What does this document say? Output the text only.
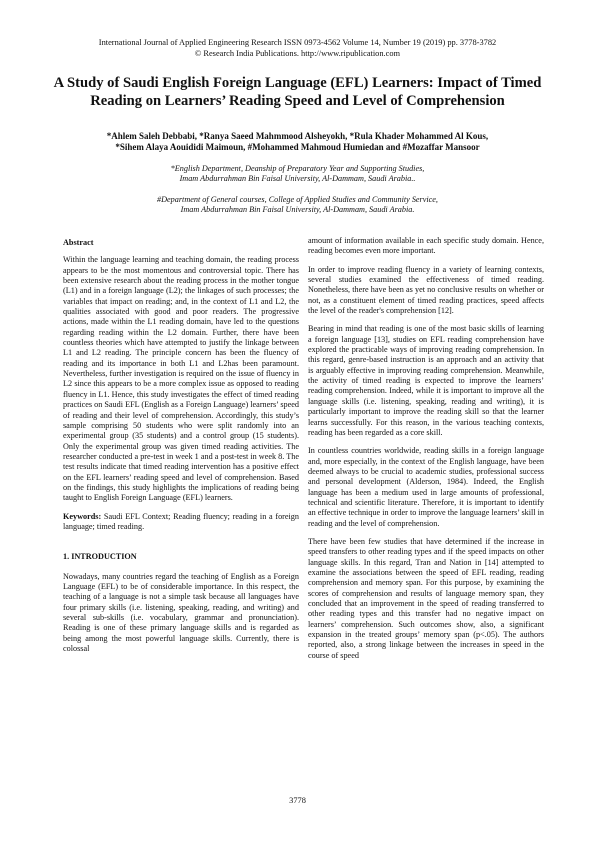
International Journal of Applied Engineering Research ISSN 0973-4562 Volume 14, Number 19 (2019) pp. 3778-3782
© Research India Publications. http://www.ripublication.com
A Study of Saudi English Foreign Language (EFL) Learners: Impact of Timed Reading on Learners’ Reading Speed and Level of Comprehension
*Ahlem Saleh Debbabi, *Ranya Saeed Mahmmood Alsheyokh, *Rula Khader Mohammed Al Kous,
*Sihem Alaya Aouididi Maimoun, #Mohammed Mahmoud Humiedan and #Mozaffar Mansoor
*English Department, Deanship of Preparatory Year and Supporting Studies,
Imam Abdurrahman Bin Faisal University, Al-Dammam, Saudi Arabia..
#Department of General courses, College of Applied Studies and Community Service,
Imam Abdurrahman Bin Faisal University, Al-Dammam, Saudi Arabia.
Abstract

Within the language learning and teaching domain, the reading process appears to be the most momentous and controversial topic. There has been extensive research about the reading process in the mother tongue (L1) and in a foreign language (L2); the linkages of such processes; the variables that impact on reading; and, in the context of L1 and L2, the qualities associated with good and poor readers. The progressive actions, made within the L1 reading domain, have led to the questions regarding reading within the L2 domain. Further, there have been countless theories which have attempted to justify the linkage between L1 and L2 reading. The principle concern has been the fluency of reading and its importance in both L1 and L2has been paramount. Nevertheless, further investigation is required on the issue of fluency in L2 since this appears to be a more complex issue as opposed to reading fluency in L1. Hence, this study investigates the effect of timed reading practices on Saudi EFL (English as a Foreign Language) learners’ speed of reading and their level of comprehension. Accordingly, this study’s sample comprising 50 students who were split randomly into an experimental group (35 students) and a control group (15 students). Only the experimental group was given timed reading activities. The researcher conducted a pre-test in week 1 and a post-test in week 8. The test results indicate that timed reading intervention has a positive effect on the EFL learners’ reading speed and level of comprehension. Based on the findings, this study highlights the implications of reading being taught to English Foreign Language (EFL) learners.

Keywords: Saudi EFL Context; Reading fluency; reading in a foreign language; timed reading.

1. INTRODUCTION

Nowadays, many countries regard the teaching of English as a Foreign Language (EFL) to be of considerable importance. In this respect, the teaching of a language is not a simple task because all languages have four primary skills (i.e. listening, speaking, reading, and writing) and several sub-skills (i.e. vocabulary, grammar and pronunciation). Reading is one of these primary language skills and is regarded as being among the most powerful language skills. Currently, there is colossal

amount of information available in each specific study domain. Hence, reading becomes even more important.

In order to improve reading fluency in a variety of learning contexts, several studies examined the effectiveness of timed reading. Nonetheless, there have been as yet no conclusive results on whether or not, as a constituent element of timed reading practices, speed affects the level of the reader's comprehension [12].

Bearing in mind that reading is one of the most basic skills of learning a foreign language [13], studies on EFL reading comprehension have explored the practicable ways of improving reading comprehension. In this regard, genre-based instruction is an approach and an activity that is arguably effective in improving reading comprehension. Meanwhile, the activity of timed reading is expected to improve the learners’ reading comprehension. Indeed, while it is important to improve all the language skills (i.e. listening, speaking, reading and writing), it is particularly important to improve the reading skill so that the learner learns successfully. For this reason, in the various teaching contexts, reading has been regarded as a core skill.

In countless countries worldwide, reading skills in a foreign language and, more especially, in the context of the English language, have been deemed always to be crucial to academic studies, professional success and personal development (Alderson, 1984). Indeed, the English language has been a medium used in large amounts of professional, technical and scientific literature. Therefore, it is important to identify an effective technique in order to improve the language learners’ skill in reading and the level of comprehension.

There have been few studies that have determined if the increase in speed transfers to other reading types and if the speed impacts on other language skills. In this regard, Tran and Nation in [14] attempted to examine the associations between the speed of EFL reading, reading comprehension and memory span. For this purpose, by examining the scores of comprehension and results of language memory span, they concluded that an improvement in the speed of reading transferred to other reading types and this transfer had no negative impact on learners’ comprehension. Such outcomes show, also, a significant expansion in the treated groups’ memory span (p<.05). The authors reported, also, a strong linkage between the increases in speed in the course of speed

3778
